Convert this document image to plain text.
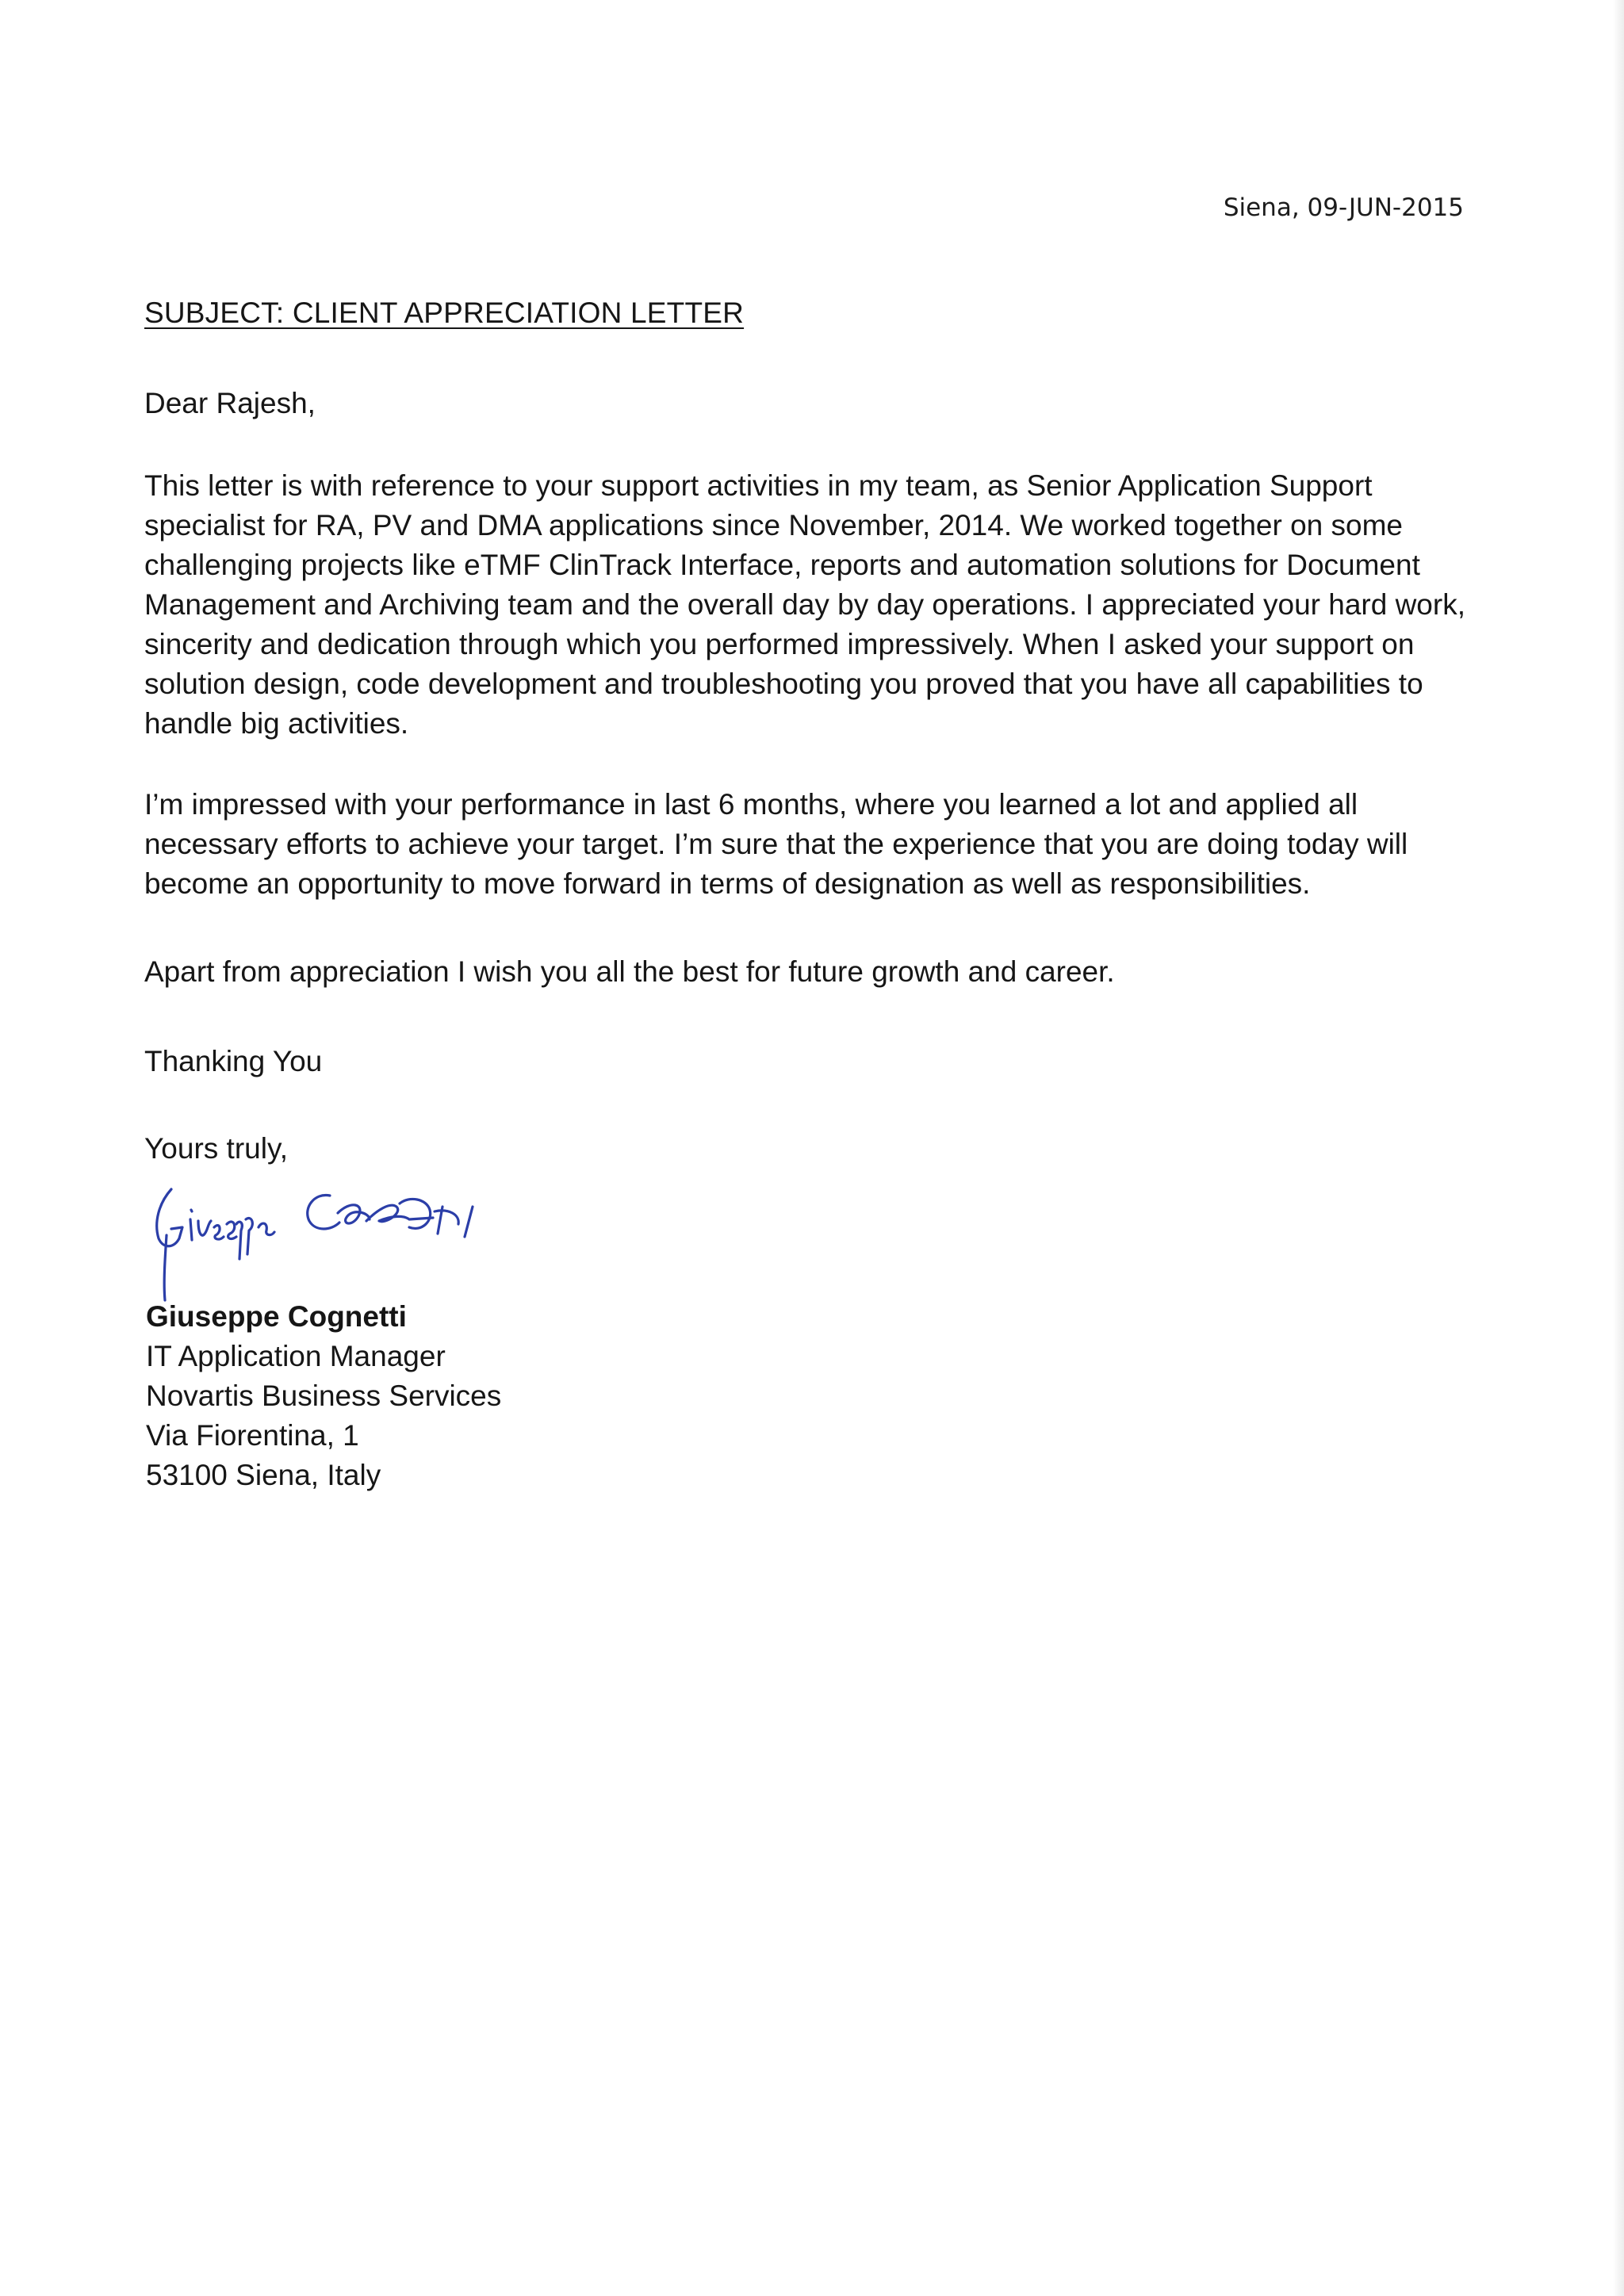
Siena, 09-JUN-2015
SUBJECT: CLIENT APPRECIATION LETTER
Dear Rajesh,

This letter is with reference to your support activities in my team, as Senior Application Support specialist for RA, PV and DMA applications since November, 2014. We worked together on some challenging projects like eTMF ClinTrack Interface, reports and automation solutions for Document Management and Archiving team and the overall day by day operations. I appreciated your hard work, sincerity and dedication through which you performed impressively. When I asked your support on solution design, code development and troubleshooting you proved that you have all capabilities to handle big activities.

I’m impressed with your performance in last 6 months, where you learned a lot and applied all necessary efforts to achieve your target. I’m sure that the experience that you are doing today will become an opportunity to move forward in terms of designation as well as responsibilities.

Apart from appreciation I wish you all the best for future growth and career.

Thanking You
Yours truly,
Giuseppe Cognetti
IT Application Manager
Novartis Business Services
Via Fiorentina, 1
53100 Siena, Italy
